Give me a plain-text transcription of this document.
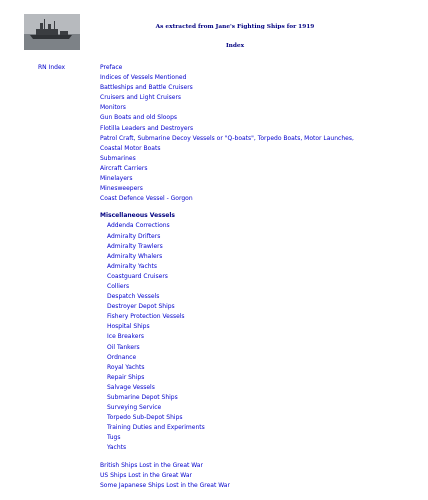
As extracted from Jane's Fighting Ships for 1919
Index
RN Index	Preface
Indices of Vessels Mentioned
Battleships and Battle Cruisers
Cruisers and Light Cruisers
Monitors
Gun Boats and old Sloops
Flotilla Leaders and Destroyers
Patrol Craft, Submarine Decoy Vessels or "Q-boats", Torpedo Boats, Motor Launches,
Coastal Motor Boats
Submarines
Aircraft Carriers
Minelayers
Minesweepers
Coast Defence Vessel - Gorgon
Miscellaneous Vessels
Addenda Corrections
Admiralty Drifters
Admiralty Trawlers
Admiralty Whalers
Admiralty Yachts
Coastguard Cruisers
Colliers
Despatch Vessels
Destroyer Depot Ships
Fishery Protection Vessels
Hospital Ships
Ice Breakers
Oil Tankers
Ordnance
Royal Yachts
Repair Ships
Salvage Vessels
Submarine Depot Ships
Surveying Service
Torpedo Sub-Depot Ships
Training Duties and Experiments
Tugs
Yachts
British Ships Lost in the Great War
US Ships Lost in the Great War
Some Japanese Ships Lost in the Great War
